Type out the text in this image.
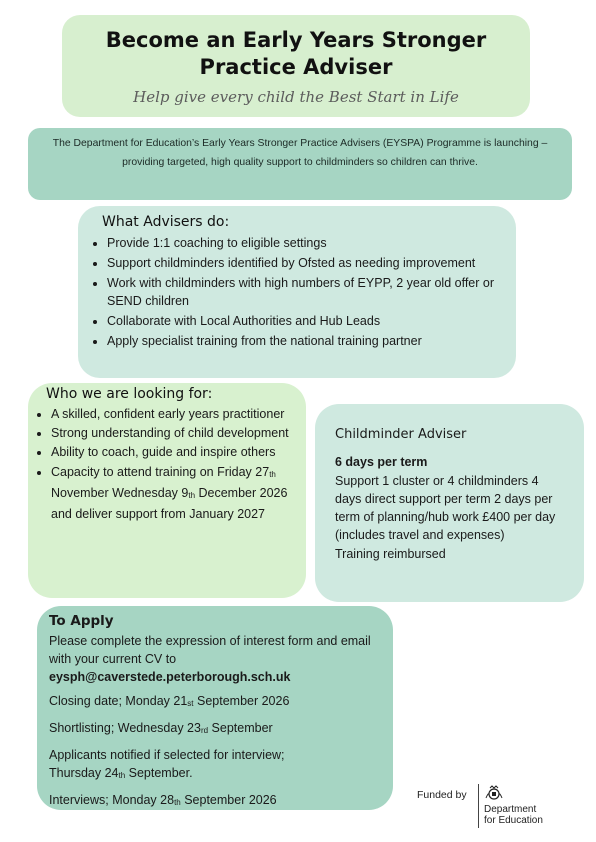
Become an Early Years Stronger
Practice Adviser
Help give every child the Best Start in Life
The Department for Education’s Early Years Stronger Practice Advisers (EYSPA) Programme is launching – providing targeted, high quality support to childminders so children can thrive.
What Advisers do:
• Provide 1:1 coaching to eligible settings
• Support childminders identified by Ofsted as needing improvement
• Work with childminders with high numbers of EYPP, 2 year old offer or SEND children
• Collaborate with Local Authorities and Hub Leads
• Apply specialist training from the national training partner
Who we are looking for:
• A skilled, confident early years practitioner
• Strong understanding of child development
• Ability to coach, guide and inspire others
• Capacity to attend training on Friday 27th November Wednesday 9th December 2026 and deliver support from January 2027
Childminder Adviser
6 days per term
Support 1 cluster or 4 childminders 4 days direct support per term 2 days per term of planning/hub work £400 per day (includes travel and expenses)
Training reimbursed
To Apply
Please complete the expression of interest form and email with your current CV to

eysph@caverstede.peterborough.sch.uk

Closing date; Monday 21st September 2026

Shortlisting; Wednesday 23rd September

Applicants notified if selected for interview;
Thursday 24th September.

Interviews; Monday 28th September 2026	Funded by
Department
for Education
